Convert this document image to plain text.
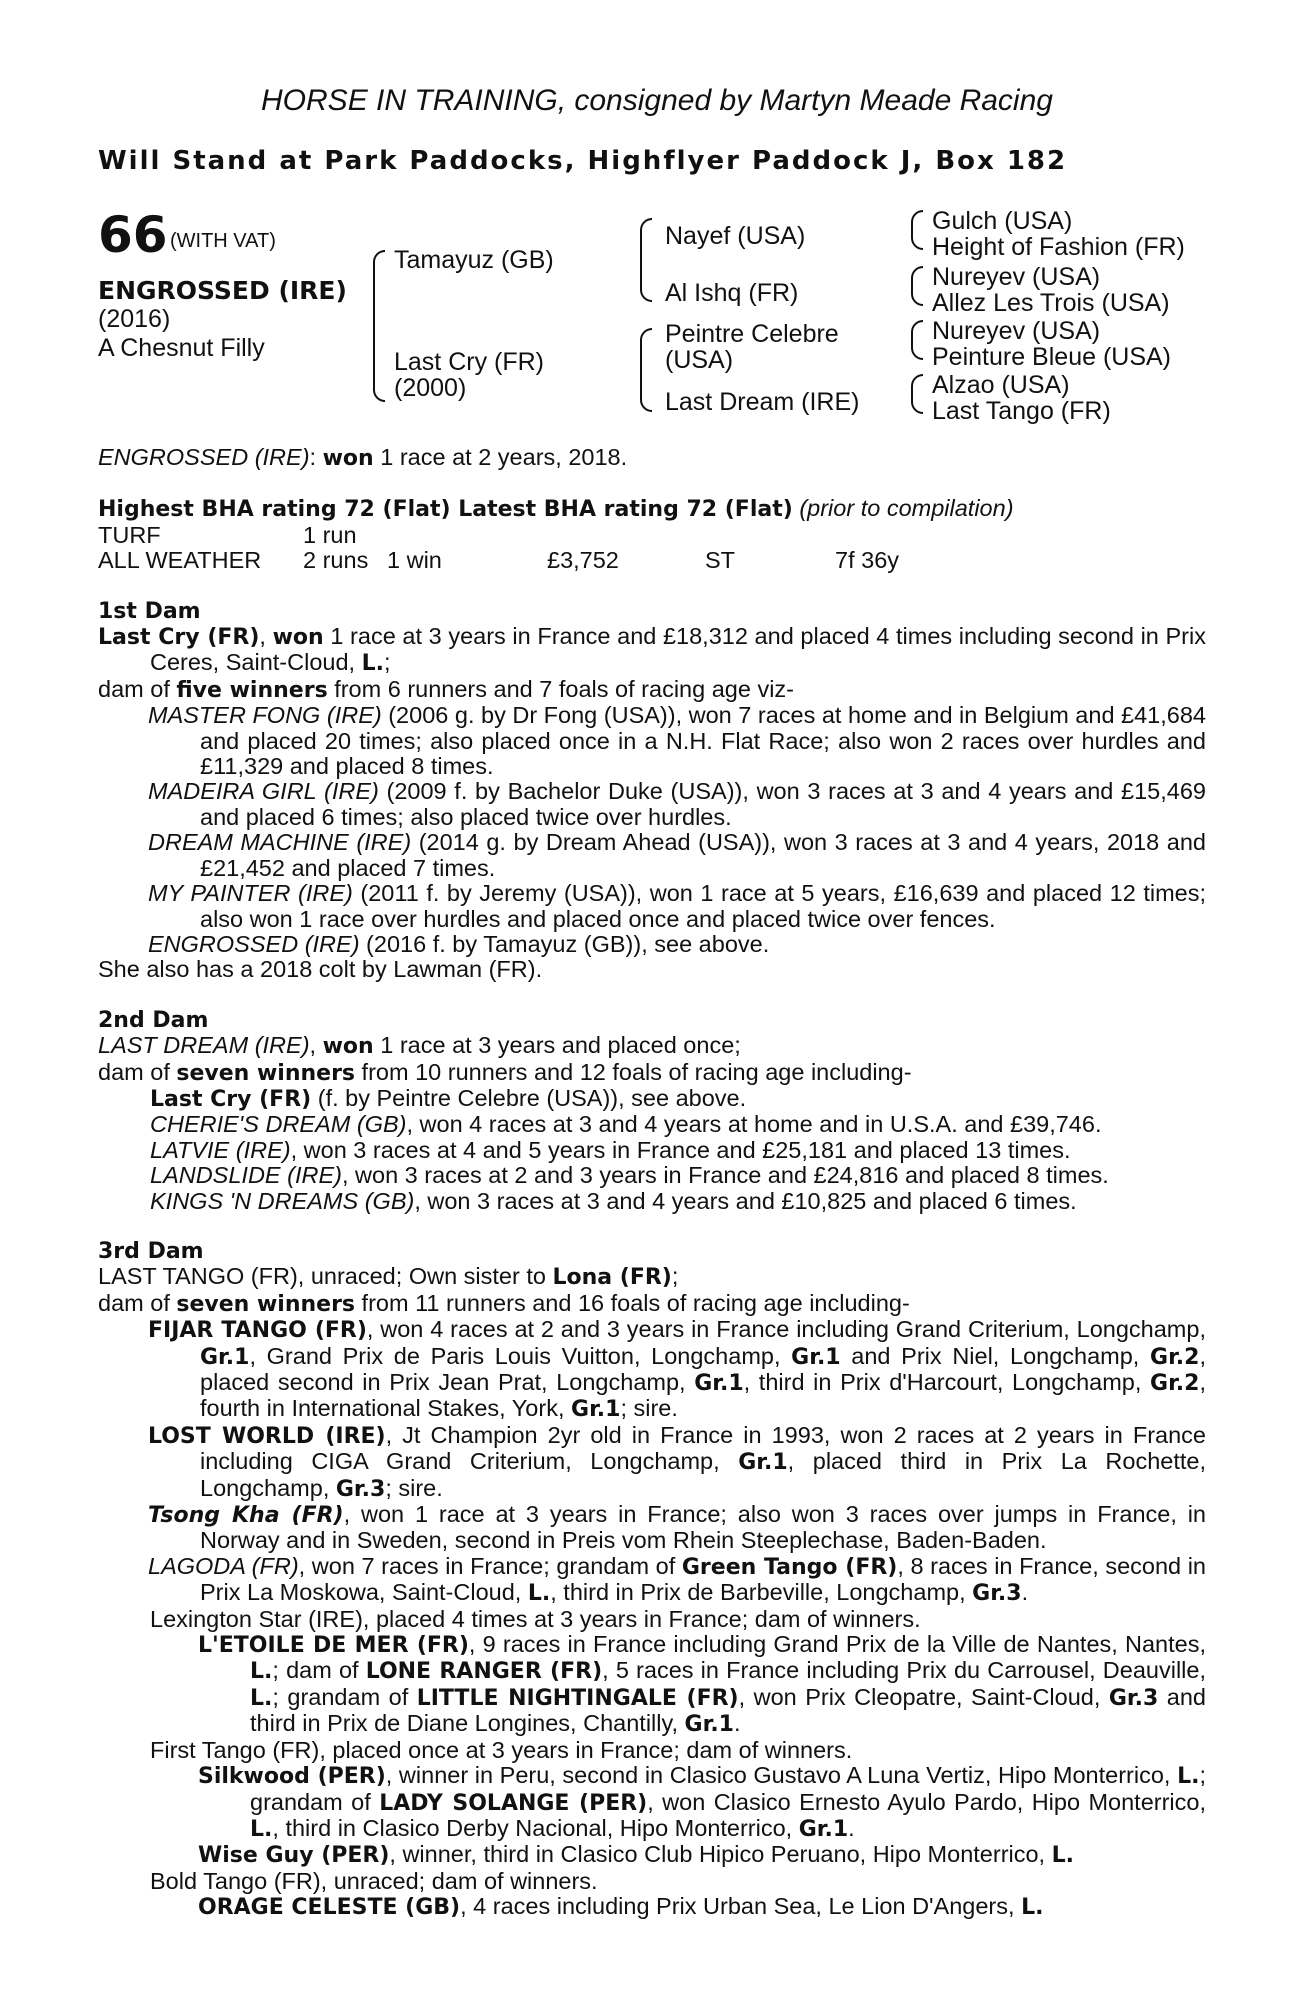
HORSE IN TRAINING, consigned by Martyn Meade Racing
Will Stand at Park Paddocks, Highflyer Paddock J, Box 182
66 (WITH VAT)
ENGROSSED (IRE)
(2016)
A Chesnut Filly
Tamayuz (GB)
Last Cry (FR)
(2000)
Nayef (USA)
Al Ishq (FR)
Peintre Celebre
(USA)
Last Dream (IRE)
Gulch (USA)
Height of Fashion (FR)
Nureyev (USA)
Allez Les Trois (USA)
Nureyev (USA)
Peinture Bleue (USA)
Alzao (USA)
Last Tango (FR)

ENGROSSED (IRE): won 1 race at 2 years, 2018.

Highest BHA rating 72 (Flat) Latest BHA rating 72 (Flat) (prior to compilation)

TURF	1 run

ALL WEATHER 2 runs 1 win	£3,752	ST	7f 36y

1st Dam

Last Cry (FR), won 1 race at 3 years in France and £18,312 and placed 4 times including second in Prix Ceres, Saint-Cloud, L.;

dam of five winners from 6 runners and 7 foals of racing age viz-

MASTER FONG (IRE) (2006 g. by Dr Fong (USA)), won 7 races at home and in Belgium and £41,684 and placed 20 times; also placed once in a N.H. Flat Race; also won 2 races over hurdles and £11,329 and placed 8 times.

MADEIRA GIRL (IRE) (2009 f. by Bachelor Duke (USA)), won 3 races at 3 and 4 years and £15,469 and placed 6 times; also placed twice over hurdles.

DREAM MACHINE (IRE) (2014 g. by Dream Ahead (USA)), won 3 races at 3 and 4 years, 2018 and £21,452 and placed 7 times.

MY PAINTER (IRE) (2011 f. by Jeremy (USA)), won 1 race at 5 years, £16,639 and placed 12 times; also won 1 race over hurdles and placed once and placed twice over fences.

ENGROSSED (IRE) (2016 f. by Tamayuz (GB)), see above.

She also has a 2018 colt by Lawman (FR).

2nd Dam

LAST DREAM (IRE), won 1 race at 3 years and placed once;

dam of seven winners from 10 runners and 12 foals of racing age including-

Last Cry (FR) (f. by Peintre Celebre (USA)), see above.

CHERIE'S DREAM (GB), won 4 races at 3 and 4 years at home and in U.S.A. and £39,746.

LATVIE (IRE), won 3 races at 4 and 5 years in France and £25,181 and placed 13 times.

LANDSLIDE (IRE), won 3 races at 2 and 3 years in France and £24,816 and placed 8 times.

KINGS 'N DREAMS (GB), won 3 races at 3 and 4 years and £10,825 and placed 6 times.

3rd Dam

LAST TANGO (FR), unraced; Own sister to Lona (FR);

dam of seven winners from 11 runners and 16 foals of racing age including-

FIJAR TANGO (FR), won 4 races at 2 and 3 years in France including Grand Criterium, Longchamp, Gr.1, Grand Prix de Paris Louis Vuitton, Longchamp, Gr.1 and Prix Niel, Longchamp, Gr.2, placed second in Prix Jean Prat, Longchamp, Gr.1, third in Prix d'Harcourt, Longchamp, Gr.2, fourth in International Stakes, York, Gr.1; sire.

LOST WORLD (IRE), Jt Champion 2yr old in France in 1993, won 2 races at 2 years in France including CIGA Grand Criterium, Longchamp, Gr.1, placed third in Prix La Rochette, Longchamp, Gr.3; sire.

Tsong Kha (FR), won 1 race at 3 years in France; also won 3 races over jumps in France, in Norway and in Sweden, second in Preis vom Rhein Steeplechase, Baden-Baden.

LAGODA (FR), won 7 races in France; grandam of Green Tango (FR), 8 races in France, second in Prix La Moskowa, Saint-Cloud, L., third in Prix de Barbeville, Longchamp, Gr.3.

Lexington Star (IRE), placed 4 times at 3 years in France; dam of winners.

L'ETOILE DE MER (FR), 9 races in France including Grand Prix de la Ville de Nantes, Nantes, L.; dam of LONE RANGER (FR), 5 races in France including Prix du Carrousel, Deauville, L.; grandam of LITTLE NIGHTINGALE (FR), won Prix Cleopatre, Saint-Cloud, Gr.3 and third in Prix de Diane Longines, Chantilly, Gr.1.

First Tango (FR), placed once at 3 years in France; dam of winners.

Silkwood (PER), winner in Peru, second in Clasico Gustavo A Luna Vertiz, Hipo Monterrico, L.; grandam of LADY SOLANGE (PER), won Clasico Ernesto Ayulo Pardo, Hipo Monterrico, L., third in Clasico Derby Nacional, Hipo Monterrico, Gr.1.

Wise Guy (PER), winner, third in Clasico Club Hipico Peruano, Hipo Monterrico, L.

Bold Tango (FR), unraced; dam of winners.

ORAGE CELESTE (GB), 4 races including Prix Urban Sea, Le Lion D'Angers, L.
